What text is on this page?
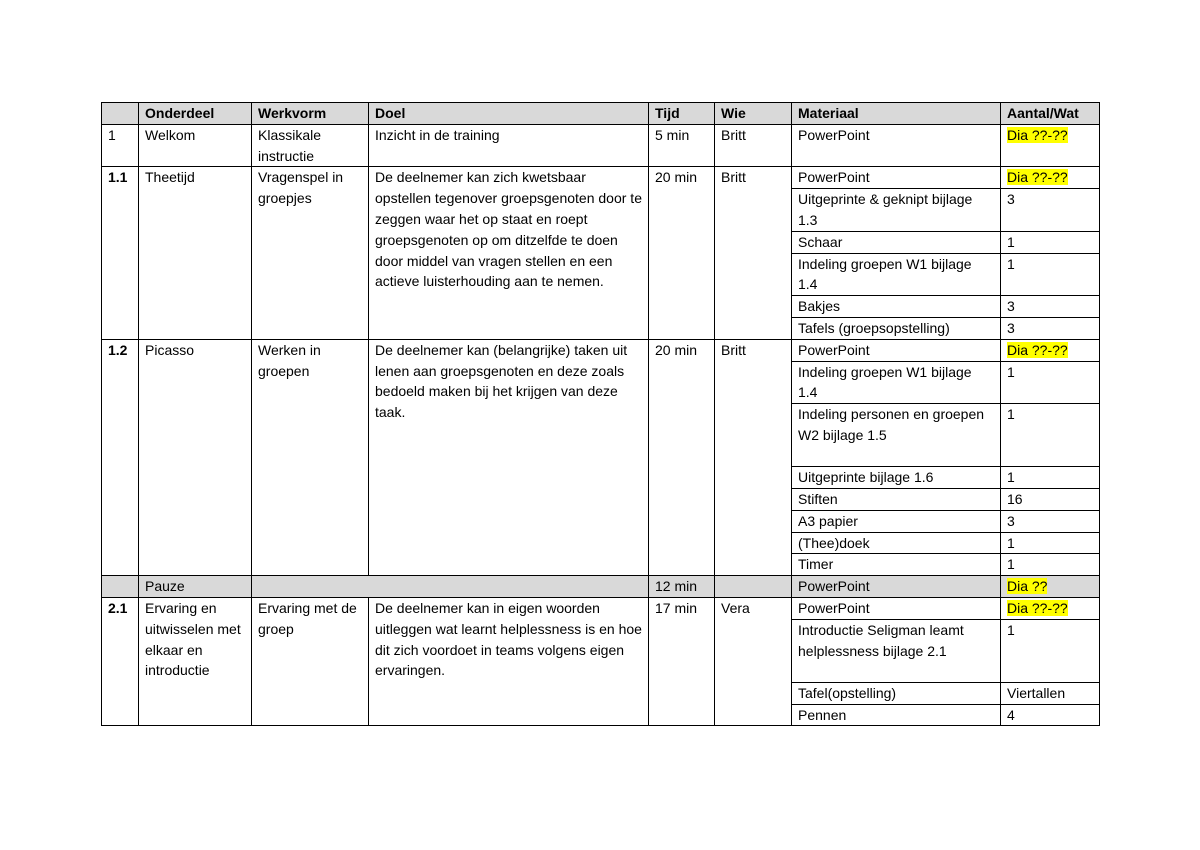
	Onderdeel	Werkvorm	Doel	Tijd	Wie	Materiaal	Aantal/Wat
1	Welkom	Klassikale instructie	Inzicht in de training	5 min	Britt	PowerPoint	Dia ??-??
1.1	Theetijd	Vragenspel in groepjes	De deelnemer kan zich kwetsbaar opstellen tegenover groepsgenoten door te zeggen waar het op staat en roept groepsgenoten op om ditzelfde te doen door middel van vragen stellen en een actieve luisterhouding aan te nemen.	20 min	Britt	PowerPoint	Dia ??-??
						Uitgeprinte & geknipt bijlage 1.3	3
						Schaar	1
						Indeling groepen W1 bijlage 1.4	1
						Bakjes	3
						Tafels (groepsopstelling)	3
1.2	Picasso	Werken in groepen	De deelnemer kan (belangrijke) taken uit lenen aan groepsgenoten en deze zoals bedoeld maken bij het krijgen van deze taak.	20 min	Britt	PowerPoint	Dia ??-??
						Indeling groepen W1 bijlage 1.4	1
						Indeling personen en groepen W2 bijlage 1.5	1
						Uitgeprinte bijlage 1.6	1
						Stiften	16
						A3 papier	3
						(Thee)doek	1
						Timer	1
	Pauze			12 min		PowerPoint	Dia ??
2.1	Ervaring en uitwisselen met elkaar en introductie	Ervaring met de groep	De deelnemer kan in eigen woorden uitleggen wat learnt helplessness is en hoe dit zich voordoet in teams volgens eigen ervaringen.	17 min	Vera	PowerPoint	Dia ??-??
						Introductie Seligman leamt helplessness bijlage 2.1	1
						Tafel(opstelling)	Viertallen
						Pennen	4
